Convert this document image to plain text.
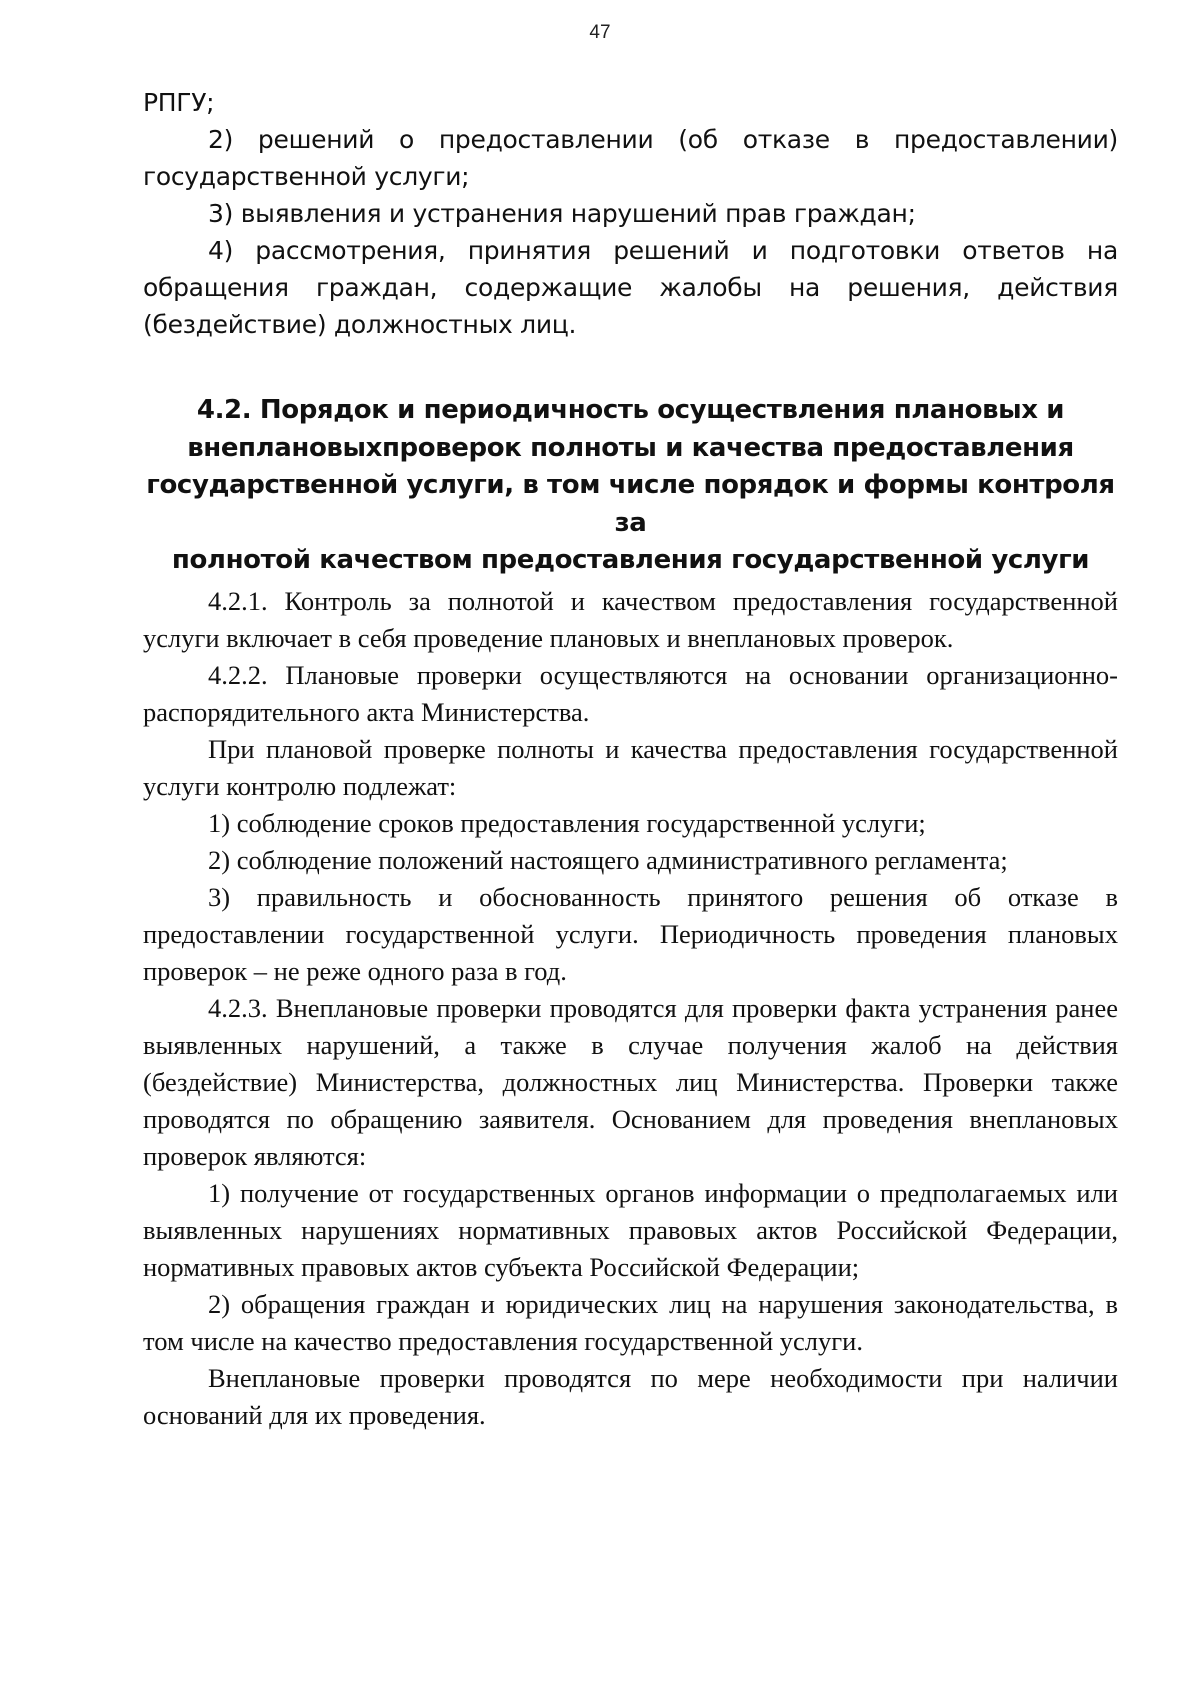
47

РПГУ;

2) решений о предоставлении (об отказе в предоставлении) государственной услуги;

3) выявления и устранения нарушений прав граждан;

4) рассмотрения, принятия решений и подготовки ответов на обращения граждан, содержащие жалобы на решения, действия (бездействие) должностных лиц.

4.2. Порядок и периодичность осуществления плановых и
внеплановыхпроверок полноты и качества предоставления
государственной услуги, в том числе порядок и формы контроля за
полнотой качеством предоставления государственной услуги

4.2.1. Контроль за полнотой и качеством предоставления государственной услуги включает в себя проведение плановых и внеплановых проверок.

4.2.2. Плановые проверки осуществляются на основании организационно-распорядительного акта Министерства.

При плановой проверке полноты и качества предоставления государственной услуги контролю подлежат:

1) соблюдение сроков предоставления государственной услуги;

2) соблюдение положений настоящего административного регламента;

3) правильность и обоснованность принятого решения об отказе в предоставлении государственной услуги. Периодичность проведения плановых проверок – не реже одного раза в год.

4.2.3. Внеплановые проверки проводятся для проверки факта устранения ранее выявленных нарушений, а также в случае получения жалоб на действия (бездействие) Министерства, должностных лиц Министерства. Проверки также проводятся по обращению заявителя. Основанием для проведения внеплановых проверок являются:

1) получение от государственных органов информации о предполагаемых или выявленных нарушениях нормативных правовых актов Российской Федерации, нормативных правовых актов субъекта Российской Федерации;

2) обращения граждан и юридических лиц на нарушения законодательства, в том числе на качество предоставления государственной услуги.

Внеплановые проверки проводятся по мере необходимости при наличии оснований для их проведения.
